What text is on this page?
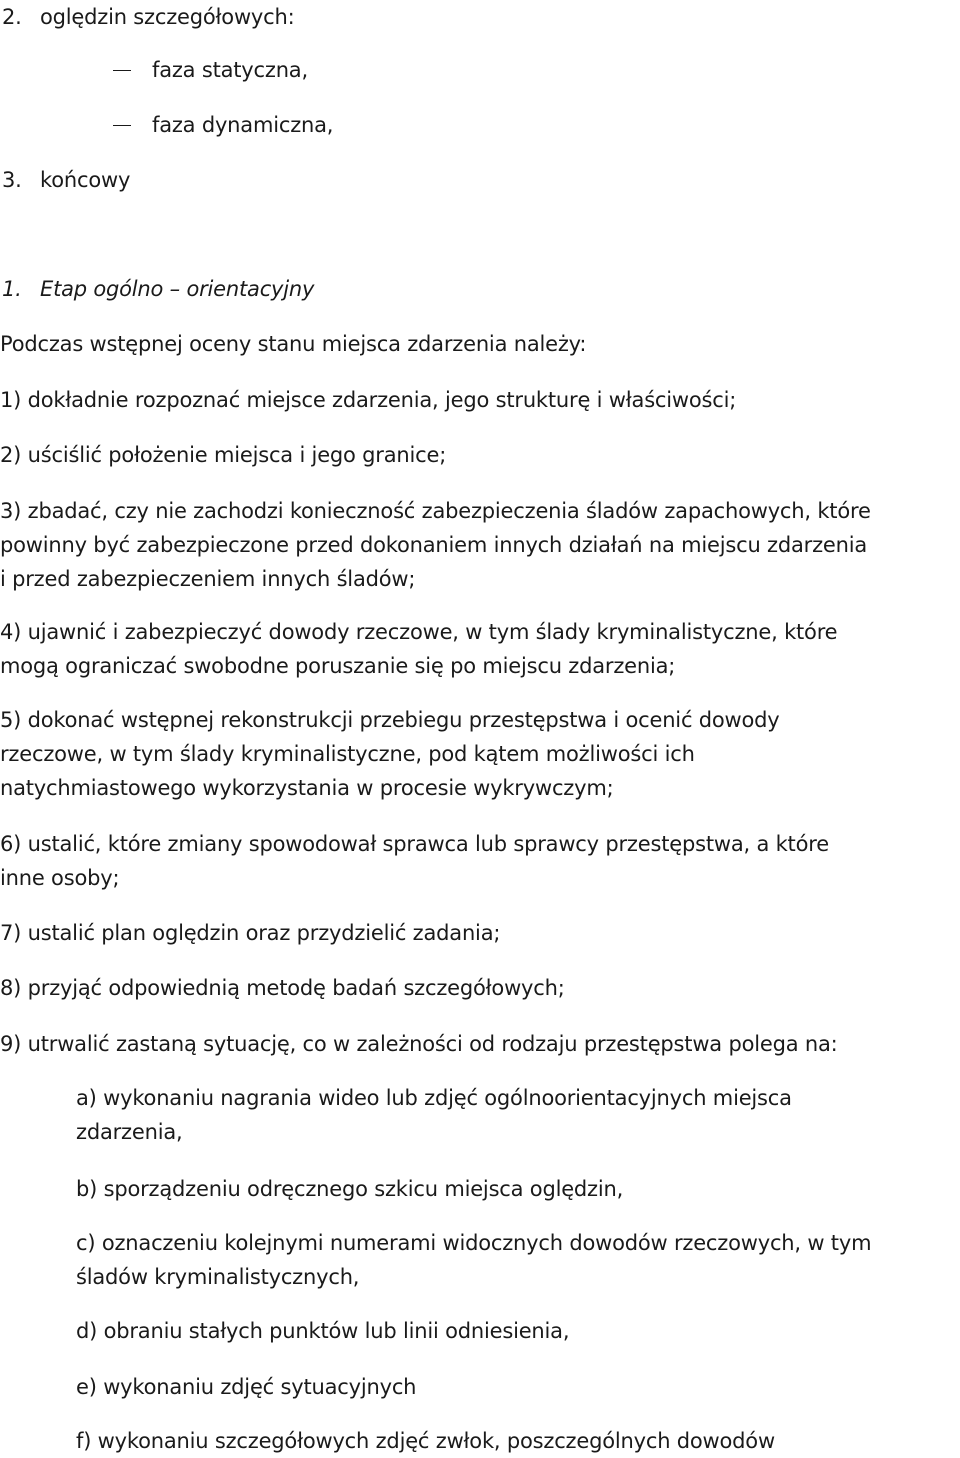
2. oględzin szczegółowych:
faza statyczna,
faza dynamiczna,
3. końcowy
1. Etap ogólno – orientacyjny
Podczas wstępnej oceny stanu miejsca zdarzenia należy:
1) dokładnie rozpoznać miejsce zdarzenia, jego strukturę i właściwości;
2) uściślić położenie miejsca i jego granice;
3) zbadać, czy nie zachodzi konieczność zabezpieczenia śladów zapachowych, które
powinny być zabezpieczone przed dokonaniem innych działań na miejscu zdarzenia
i przed zabezpieczeniem innych śladów;
4) ujawnić i zabezpieczyć dowody rzeczowe, w tym ślady kryminalistyczne, które
mogą ograniczać swobodne poruszanie się po miejscu zdarzenia;
5) dokonać wstępnej rekonstrukcji przebiegu przestępstwa i ocenić dowody
rzeczowe, w tym ślady kryminalistyczne, pod kątem możliwości ich
natychmiastowego wykorzystania w procesie wykrywczym;
6) ustalić, które zmiany spowodował sprawca lub sprawcy przestępstwa, a które
inne osoby;
7) ustalić plan oględzin oraz przydzielić zadania;
8) przyjąć odpowiednią metodę badań szczegółowych;
9) utrwalić zastaną sytuację, co w zależności od rodzaju przestępstwa polega na:
a) wykonaniu nagrania wideo lub zdjęć ogólnoorientacyjnych miejsca
zdarzenia,
b) sporządzeniu odręcznego szkicu miejsca oględzin,
c) oznaczeniu kolejnymi numerami widocznych dowodów rzeczowych, w tym
śladów kryminalistycznych,
d) obraniu stałych punktów lub linii odniesienia,
e) wykonaniu zdjęć sytuacyjnych
f) wykonaniu szczegółowych zdjęć zwłok, poszczególnych dowodów
